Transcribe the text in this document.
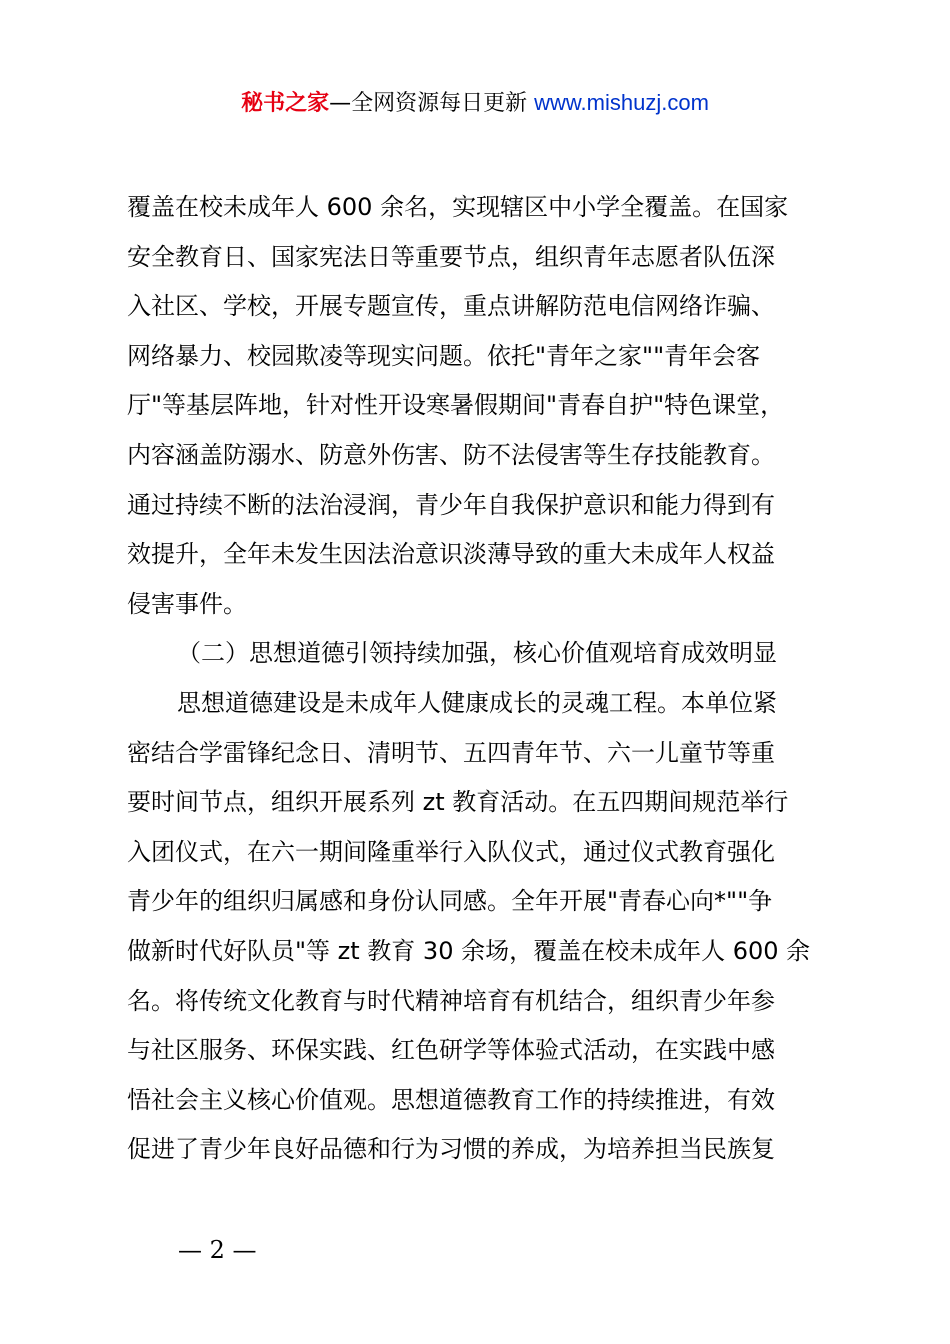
秘书之家—全网资源每日更新 www.mishuzj.com
覆盖在校未成年人 600 余名，实现辖区中小学全覆盖。在国家
安全教育日、国家宪法日等重要节点，组织青年志愿者队伍深
入社区、学校，开展专题宣传，重点讲解防范电信网络诈骗、
网络暴力、校园欺凌等现实问题。依托"青年之家""青年会客
厅"等基层阵地，针对性开设寒暑假期间"青春自护"特色课堂，
内容涵盖防溺水、防意外伤害、防不法侵害等生存技能教育。
通过持续不断的法治浸润，青少年自我保护意识和能力得到有
效提升，全年未发生因法治意识淡薄导致的重大未成年人权益
侵害事件。
（二）思想道德引领持续加强，核心价值观培育成效明显
思想道德建设是未成年人健康成长的灵魂工程。本单位紧
密结合学雷锋纪念日、清明节、五四青年节、六一儿童节等重
要时间节点，组织开展系列 zt 教育活动。在五四期间规范举行
入团仪式，在六一期间隆重举行入队仪式，通过仪式教育强化
青少年的组织归属感和身份认同感。全年开展"青春心向*""争
做新时代好队员"等 zt 教育 30 余场，覆盖在校未成年人 600 余
名。将传统文化教育与时代精神培育有机结合，组织青少年参
与社区服务、环保实践、红色研学等体验式活动，在实践中感
悟社会主义核心价值观。思想道德教育工作的持续推进，有效
促进了青少年良好品德和行为习惯的养成，为培养担当民族复
— 2 —
